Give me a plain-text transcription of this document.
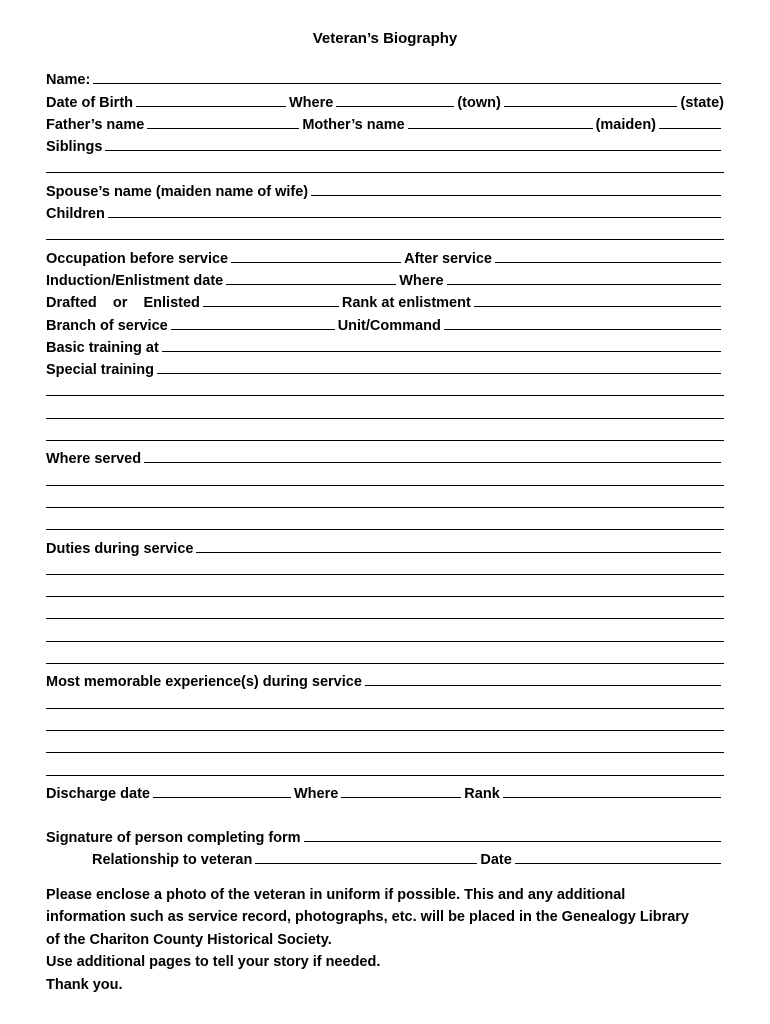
Veteran’s Biography
Name:
Date of Birth	Where	(town)	(state)
Father’s name	Mother’s name	(maiden)
Siblings
Spouse’s name (maiden name of wife)
Children
Occupation before service	After service
Induction/Enlistment date	Where
Drafted    or    Enlisted	Rank at enlistment
Branch of service	Unit/Command
Basic training at
Special training
Where served
Duties during service
Most memorable experience(s) during service
Discharge date	Where	Rank
Signature of person completing form
Relationship to veteran	Date

Please enclose a photo of the veteran in uniform if possible. This and any additional

information such as service record, photographs, etc. will be placed in the Genealogy Library

of the Chariton County Historical Society.

Use additional pages to tell your story if needed.

Thank you.
